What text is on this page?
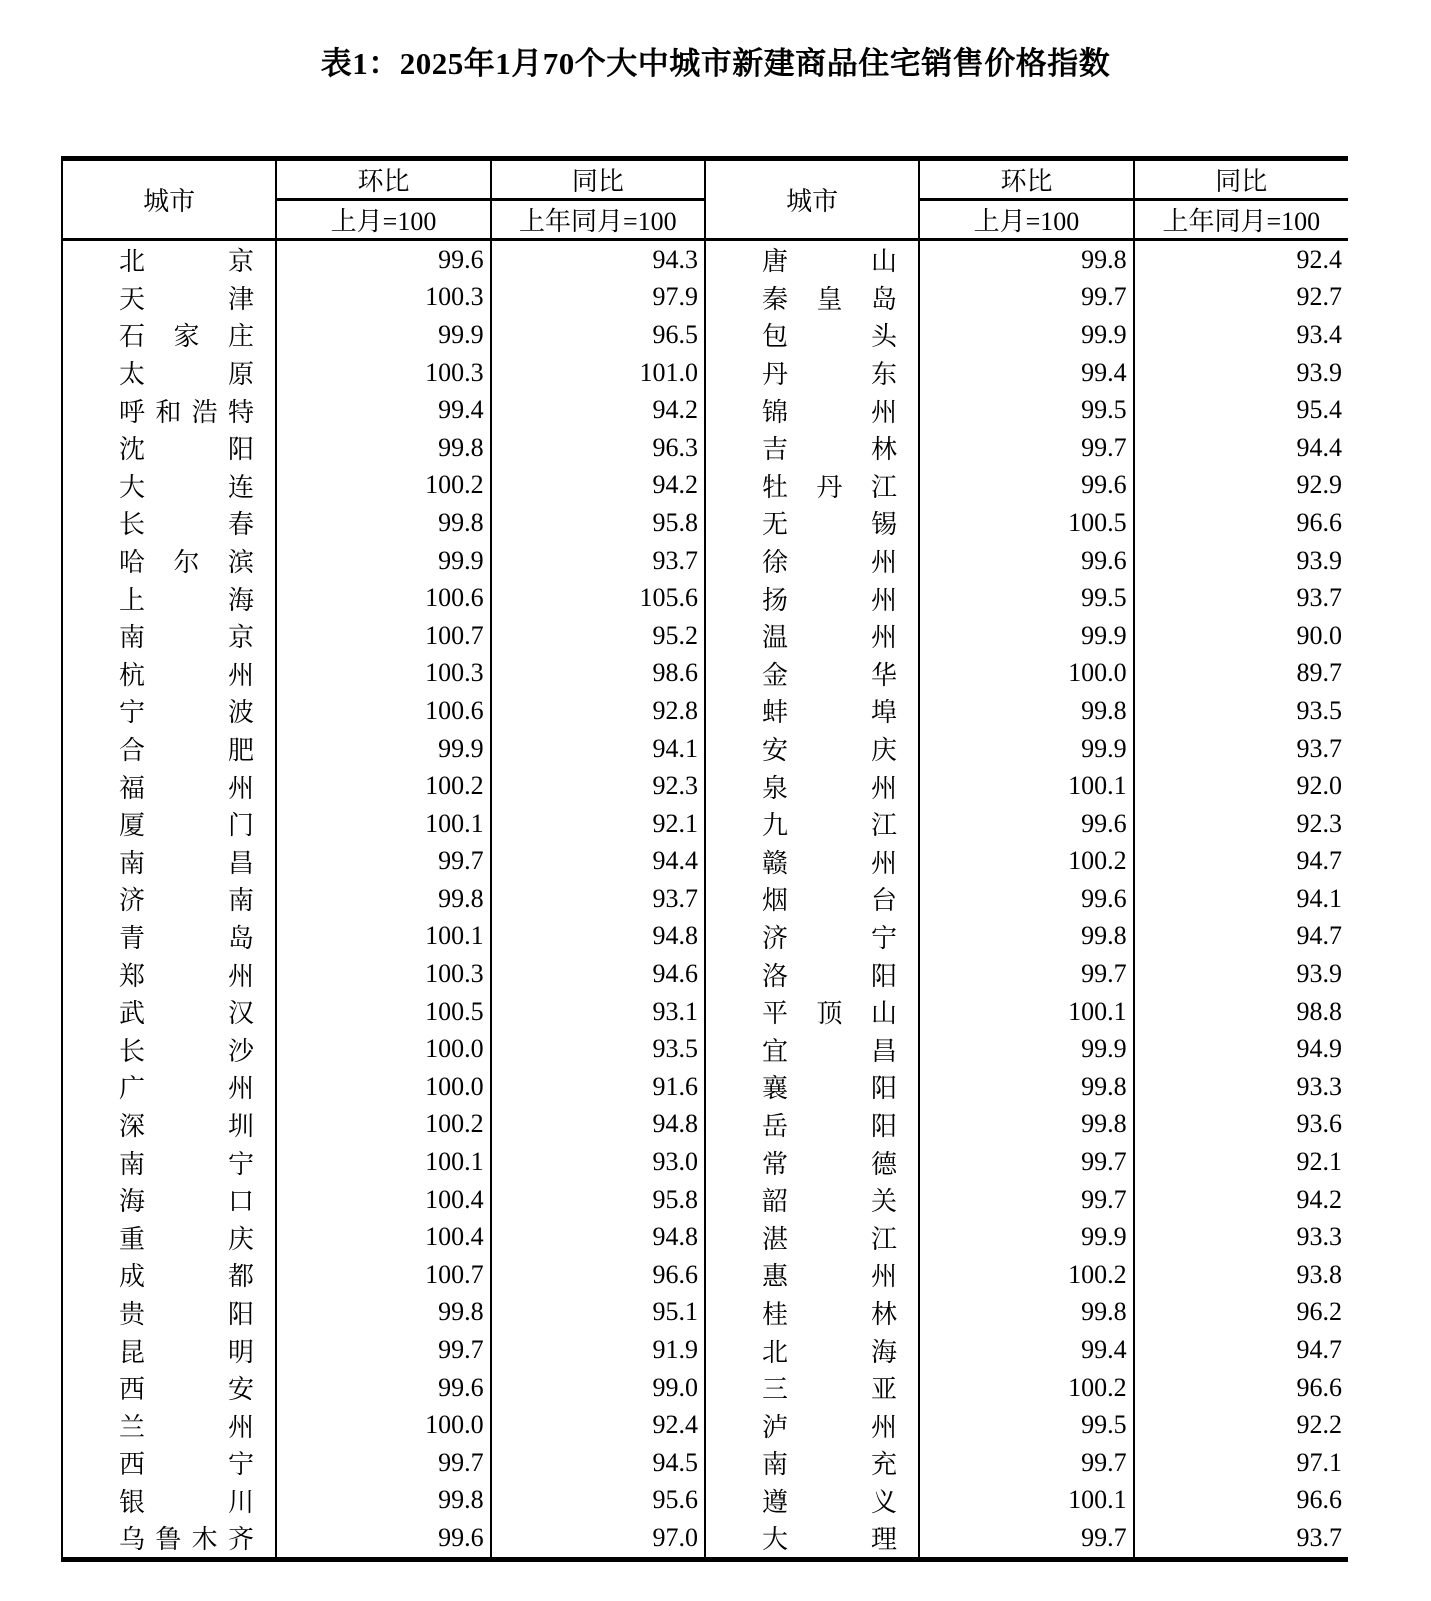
表1：2025年1月70个大中城市新建商品住宅销售价格指数
城市	环比	同比	城市	环比	同比
	上月=100	上年同月=100		上月=100	上年同月=100
北京	99.6	94.3	唐山	99.8	92.4
天津	100.3	97.9	秦皇岛	99.7	92.7
石家庄	99.9	96.5	包头	99.9	93.4
太原	100.3	101.0	丹东	99.4	93.9
呼和浩特	99.4	94.2	锦州	99.5	95.4
沈阳	99.8	96.3	吉林	99.7	94.4
大连	100.2	94.2	牡丹江	99.6	92.9
长春	99.8	95.8	无锡	100.5	96.6
哈尔滨	99.9	93.7	徐州	99.6	93.9
上海	100.6	105.6	扬州	99.5	93.7
南京	100.7	95.2	温州	99.9	90.0
杭州	100.3	98.6	金华	100.0	89.7
宁波	100.6	92.8	蚌埠	99.8	93.5
合肥	99.9	94.1	安庆	99.9	93.7
福州	100.2	92.3	泉州	100.1	92.0
厦门	100.1	92.1	九江	99.6	92.3
南昌	99.7	94.4	赣州	100.2	94.7
济南	99.8	93.7	烟台	99.6	94.1
青岛	100.1	94.8	济宁	99.8	94.7
郑州	100.3	94.6	洛阳	99.7	93.9
武汉	100.5	93.1	平顶山	100.1	98.8
长沙	100.0	93.5	宜昌	99.9	94.9
广州	100.0	91.6	襄阳	99.8	93.3
深圳	100.2	94.8	岳阳	99.8	93.6
南宁	100.1	93.0	常德	99.7	92.1
海口	100.4	95.8	韶关	99.7	94.2
重庆	100.4	94.8	湛江	99.9	93.3
成都	100.7	96.6	惠州	100.2	93.8
贵阳	99.8	95.1	桂林	99.8	96.2
昆明	99.7	91.9	北海	99.4	94.7
西安	99.6	99.0	三亚	100.2	96.6
兰州	100.0	92.4	泸州	99.5	92.2
西宁	99.7	94.5	南充	99.7	97.1
银川	99.8	95.6	遵义	100.1	96.6
乌鲁木齐	99.6	97.0	大理	99.7	93.7
